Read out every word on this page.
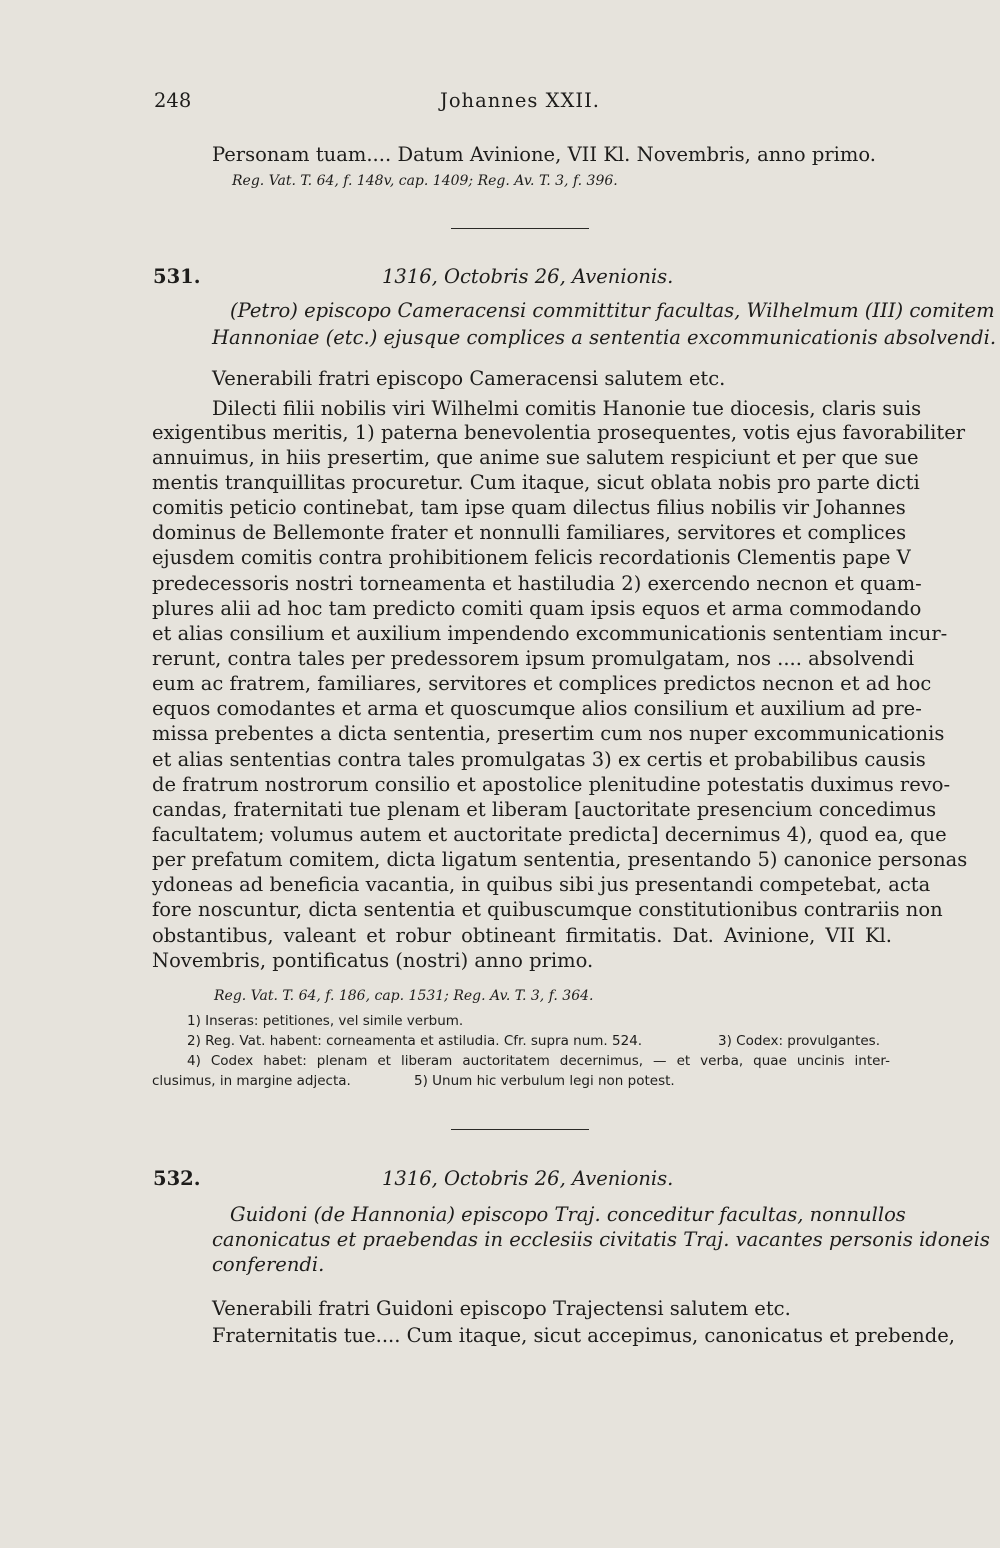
248	Johannes XXII.
Personam tuam.... Datum Avinione, VII Kl. Novembris, anno primo.
Reg. Vat. T. 64, f. 148v, cap. 1409; Reg. Av. T. 3, f. 396.
531.	1316, Octobris 26, Avenionis.
(Petro) episcopo Cameracensi committitur facultas, Wilhelmum (III) comitem
Hannoniae (etc.) ejusque complices a sententia excommunicationis absolvendi.
Venerabili fratri episcopo Cameracensi salutem etc.
Dilecti filii nobilis viri Wilhelmi comitis Hanonie tue diocesis, claris suis
exigentibus meritis, 1) paterna benevolentia prosequentes, votis ejus favorabiliter
annuimus, in hiis presertim, que anime sue salutem respiciunt et per que sue
mentis tranquillitas procuretur. Cum itaque, sicut oblata nobis pro parte dicti
comitis peticio continebat, tam ipse quam dilectus filius nobilis vir Johannes
dominus de Bellemonte frater et nonnulli familiares, servitores et complices
ejusdem comitis contra prohibitionem felicis recordationis Clementis pape V
predecessoris nostri torneamenta et hastiludia 2) exercendo necnon et quam-
plures alii ad hoc tam predicto comiti quam ipsis equos et arma commodando
et alias consilium et auxilium impendendo excommunicationis sententiam incur-
rerunt, contra tales per predessorem ipsum promulgatam, nos .... absolvendi
eum ac fratrem, familiares, servitores et complices predictos necnon et ad hoc
equos comodantes et arma et quoscumque alios consilium et auxilium ad pre-
missa prebentes a dicta sententia, presertim cum nos nuper excommunicationis
et alias sententias contra tales promulgatas 3) ex certis et probabilibus causis
de fratrum nostrorum consilio et apostolice plenitudine potestatis duximus revo-
candas, fraternitati tue plenam et liberam [auctoritate presencium concedimus
facultatem; volumus autem et auctoritate predicta] decernimus 4), quod ea, que
per prefatum comitem, dicta ligatum sententia, presentando 5) canonice personas
ydoneas ad beneficia vacantia, in quibus sibi jus presentandi competebat, acta
fore noscuntur, dicta sententia et quibuscumque constitutionibus contrariis non
obstantibus, valeant et robur obtineant firmitatis. Dat. Avinione, VII Kl.
Novembris, pontificatus (nostri) anno primo.
Reg. Vat. T. 64, f. 186, cap. 1531; Reg. Av. T. 3, f. 364.
1) Inseras: petitiones, vel simile verbum.
2) Reg. Vat. habent: corneamenta et astiludia. Cfr. supra num. 524.	3) Codex: provulgantes.
4) Codex habet: plenam et liberam auctoritatem decernimus, — et verba, quae uncinis inter-
clusimus, in margine adjecta.	5) Unum hic verbulum legi non potest.
532.	1316, Octobris 26, Avenionis.
Guidoni (de Hannonia) episcopo Traj. conceditur facultas, nonnullos
canonicatus et praebendas in ecclesiis civitatis Traj. vacantes personis idoneis
conferendi.
Venerabili fratri Guidoni episcopo Trajectensi salutem etc.
Fraternitatis tue.... Cum itaque, sicut accepimus, canonicatus et prebende,
